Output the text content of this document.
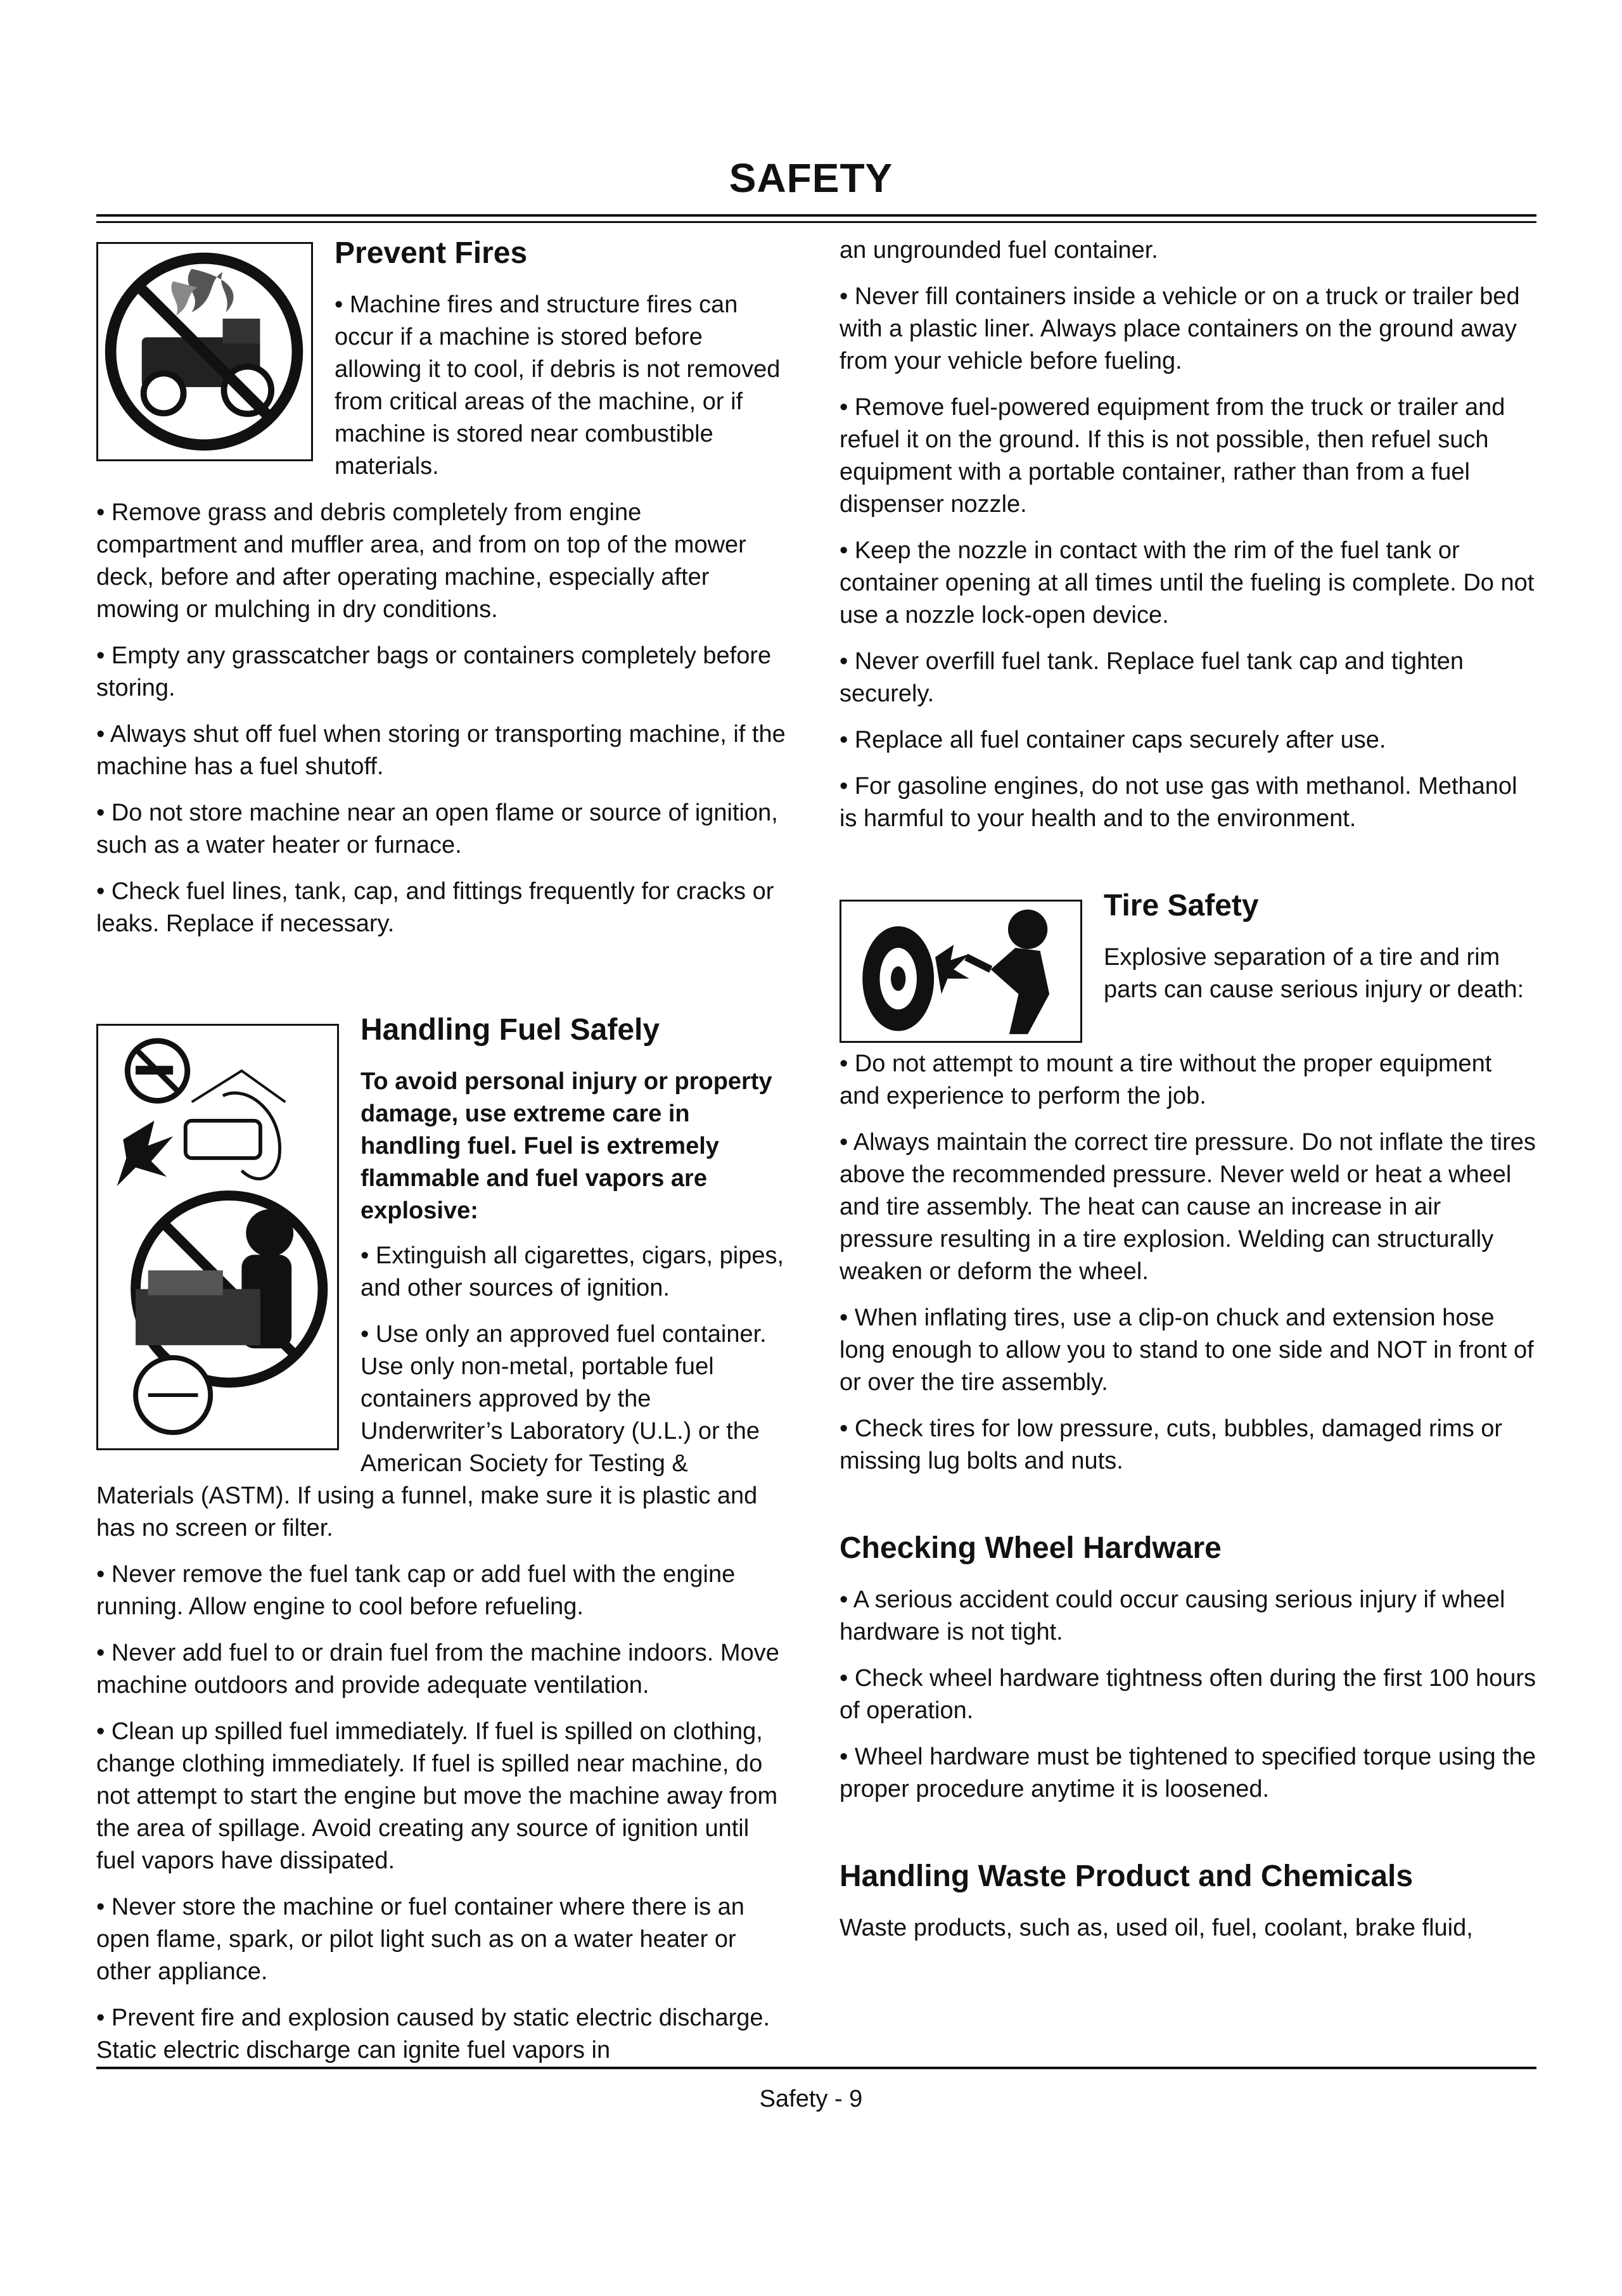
SAFETY
Prevent Fires

• Machine fires and structure fires can occur if a machine is stored before allowing it to cool, if debris is not removed from critical areas of the machine, or if machine is stored near combustible materials.

• Remove grass and debris completely from engine compartment and muffler area, and from on top of the mower deck, before and after operating machine, especially after mowing or mulching in dry conditions.

• Empty any grasscatcher bags or containers completely before storing.

• Always shut off fuel when storing or transporting machine, if the machine has a fuel shutoff.

• Do not store machine near an open flame or source of ignition, such as a water heater or furnace.

• Check fuel lines, tank, cap, and fittings frequently for cracks or leaks. Replace if necessary.

Handling Fuel Safely

To avoid personal injury or property damage, use extreme care in handling fuel. Fuel is extremely flammable and fuel vapors are explosive:

• Extinguish all cigarettes, cigars, pipes, and other sources of ignition.

• Use only an approved fuel container. Use only non-metal, portable fuel containers approved by the Underwriter’s Laboratory (U.L.) or the American Society for Testing & Materials (ASTM). If using a funnel, make sure it is plastic and has no screen or filter.

• Never remove the fuel tank cap or add fuel with the engine running. Allow engine to cool before refueling.

• Never add fuel to or drain fuel from the machine indoors. Move machine outdoors and provide adequate ventilation.

• Clean up spilled fuel immediately. If fuel is spilled on clothing, change clothing immediately. If fuel is spilled near machine, do not attempt to start the engine but move the machine away from the area of spillage. Avoid creating any source of ignition until fuel vapors have dissipated.

• Never store the machine or fuel container where there is an open flame, spark, or pilot light such as on a water heater or other appliance.

• Prevent fire and explosion caused by static electric discharge. Static electric discharge can ignite fuel vapors in

an ungrounded fuel container.

• Never fill containers inside a vehicle or on a truck or trailer bed with a plastic liner. Always place containers on the ground away from your vehicle before fueling.

• Remove fuel-powered equipment from the truck or trailer and refuel it on the ground. If this is not possible, then refuel such equipment with a portable container, rather than from a fuel dispenser nozzle.

• Keep the nozzle in contact with the rim of the fuel tank or container opening at all times until the fueling is complete. Do not use a nozzle lock-open device.

• Never overfill fuel tank. Replace fuel tank cap and tighten securely.

• Replace all fuel container caps securely after use.

• For gasoline engines, do not use gas with methanol. Methanol is harmful to your health and to the environment.

Tire Safety

Explosive separation of a tire and rim parts can cause serious injury or death:

• Do not attempt to mount a tire without the proper equipment and experience to perform the job.

• Always maintain the correct tire pressure. Do not inflate the tires above the recommended pressure. Never weld or heat a wheel and tire assembly. The heat can cause an increase in air pressure resulting in a tire explosion. Welding can structurally weaken or deform the wheel.

• When inflating tires, use a clip-on chuck and extension hose long enough to allow you to stand to one side and NOT in front of or over the tire assembly.

• Check tires for low pressure, cuts, bubbles, damaged rims or missing lug bolts and nuts.

Checking Wheel Hardware

• A serious accident could occur causing serious injury if wheel hardware is not tight.

• Check wheel hardware tightness often during the first 100 hours of operation.

• Wheel hardware must be tightened to specified torque using the proper procedure anytime it is loosened.

Handling Waste Product and Chemicals

Waste products, such as, used oil, fuel, coolant, brake fluid,

Safety - 9
